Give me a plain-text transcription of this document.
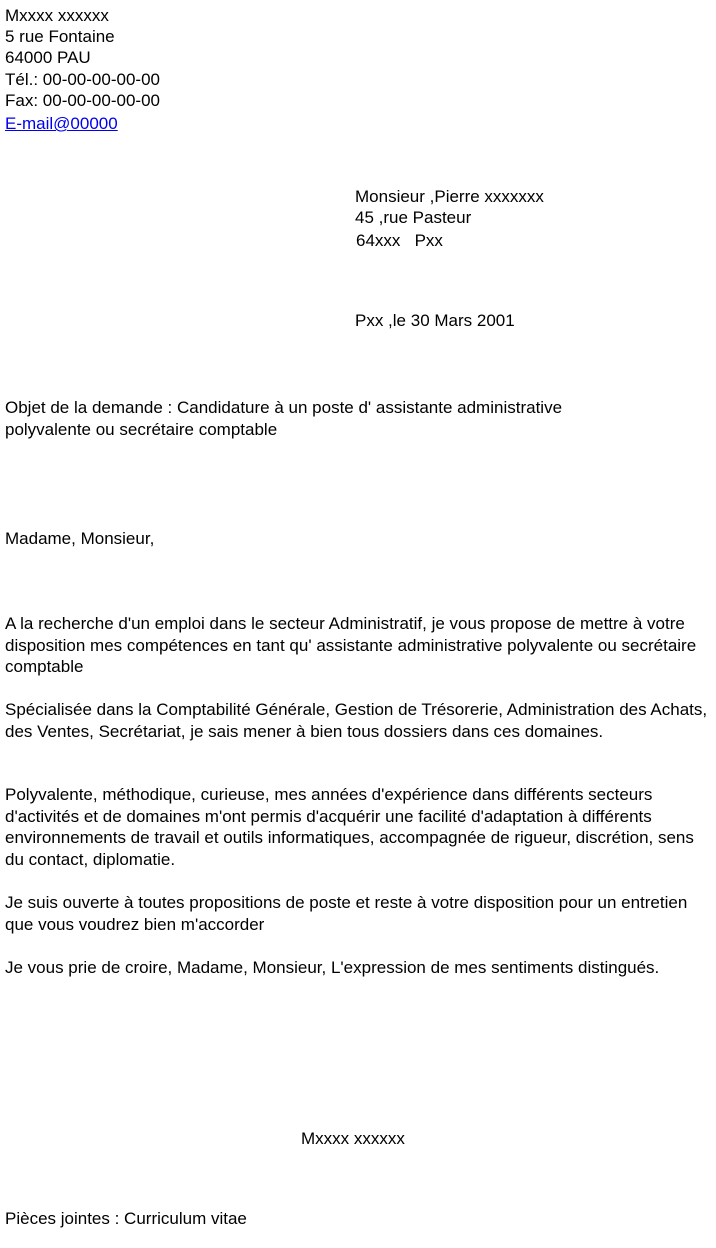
Mxxxx xxxxxx
5 rue Fontaine
64000 PAU
Tél.: 00-00-00-00-00
Fax: 00-00-00-00-00
E-mail@00000
Monsieur ,Pierre xxxxxxx
45 ,rue Pasteur
64xxx   Pxx
Pxx ,le 30 Mars 2001
Objet de la demande : Candidature à un poste d' assistante administrative polyvalente ou secrétaire comptable
Madame, Monsieur,
A la recherche d'un emploi dans le secteur Administratif, je vous propose de mettre à votre disposition mes compétences en tant qu' assistante administrative polyvalente ou secrétaire comptable
Spécialisée dans la Comptabilité Générale, Gestion de Trésorerie, Administration des Achats, des Ventes, Secrétariat, je sais mener à bien tous dossiers dans ces domaines.
Polyvalente, méthodique, curieuse, mes années d'expérience dans différents secteurs d'activités et de domaines m'ont permis d'acquérir une facilité d'adaptation à différents environnements de travail et outils informatiques, accompagnée de rigueur, discrétion, sens du contact, diplomatie.
Je suis ouverte à toutes propositions de poste et reste à votre disposition pour un entretien que vous voudrez bien m'accorder
Je vous prie de croire, Madame, Monsieur, L'expression de mes sentiments distingués.
Mxxxx xxxxxx
Pièces jointes : Curriculum vitae
